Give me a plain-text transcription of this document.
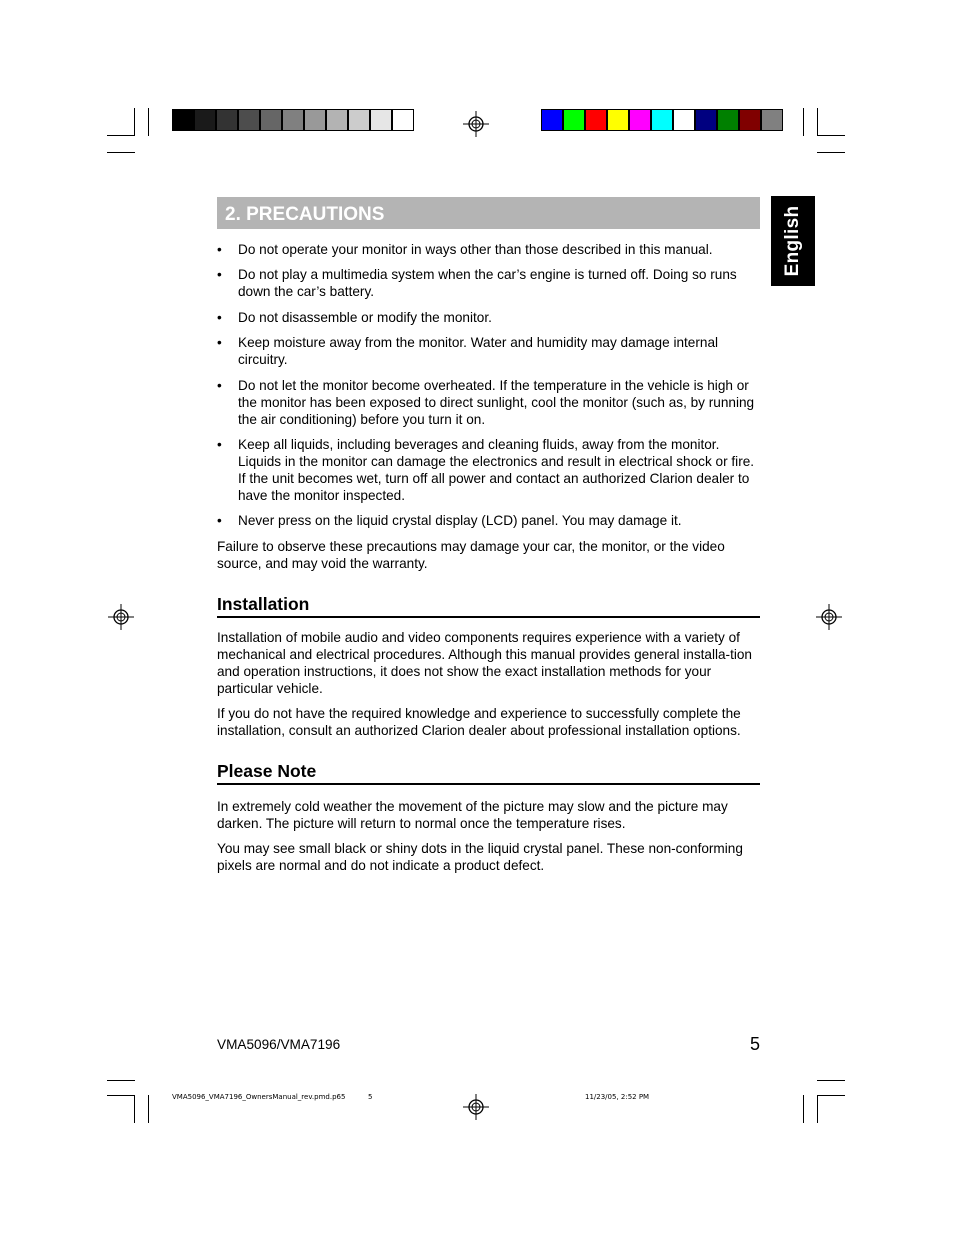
English
2. PRECAUTIONS
• Do not operate your monitor in ways other than those described in this manual.
• Do not play a multimedia system when the car’s engine is turned off. Doing so runs down the car’s battery.
• Do not disassemble or modify the monitor.
• Keep moisture away from the monitor. Water and humidity may damage internal circuitry.
• Do not let the monitor become overheated. If the temperature in the vehicle is high or the monitor has been exposed to direct sunlight, cool the monitor (such as, by running the air conditioning) before you turn it on.
• Keep all liquids, including beverages and cleaning fluids, away from the monitor. Liquids in the monitor can damage the electronics and result in electrical shock or fire. If the unit becomes wet, turn off all power and contact an authorized Clarion dealer to have the monitor inspected.
• Never press on the liquid crystal display (LCD) panel. You may damage it.

Failure to observe these precautions may damage your car, the monitor, or the video source, and may void the warranty.

Installation

Installation of mobile audio and video components requires experience with a variety of mechanical and electrical procedures. Although this manual provides general installa-tion and operation instructions, it does not show the exact installation methods for your particular vehicle.

If you do not have the required knowledge and experience to successfully complete the installation, consult an authorized Clarion dealer about professional installation options.

Please Note

In extremely cold weather the movement of the picture may slow and the picture may darken. The picture will return to normal once the temperature rises.

You may see small black or shiny dots in the liquid crystal panel. These non-conforming pixels are normal and do not indicate a product defect.

VMA5096/VMA7196	5
VMA5096_VMA7196_OwnersManual_rev.pmd.p65	5	11/23/05, 2:52 PM
